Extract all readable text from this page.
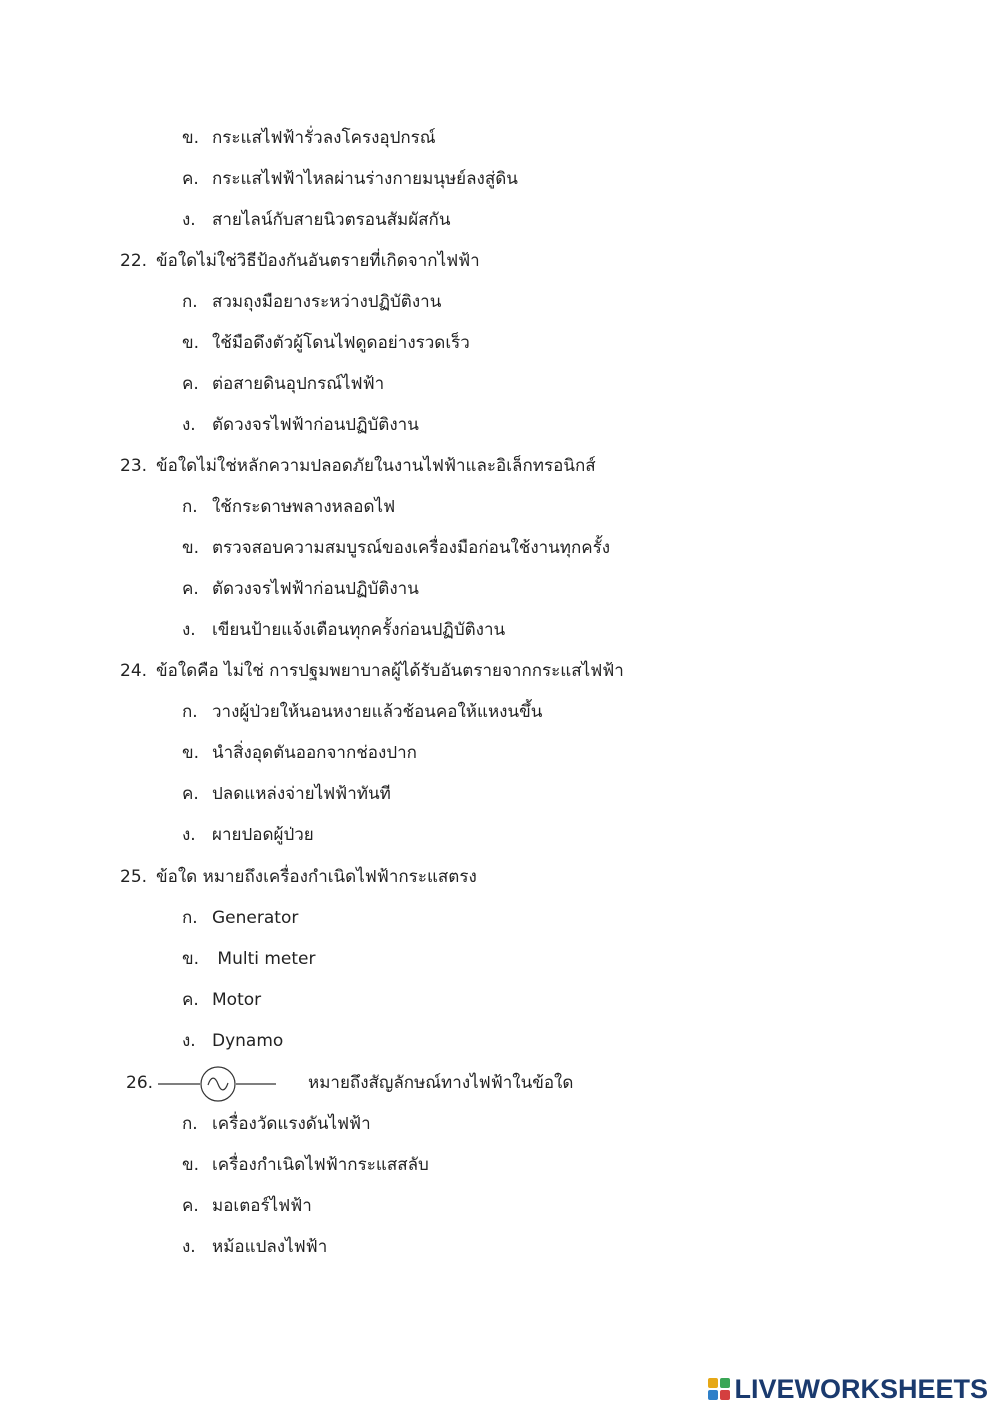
ข. กระแสไฟฟ้ารั่วลงโครงอุปกรณ์
ค. กระแสไฟฟ้าไหลผ่านร่างกายมนุษย์ลงสู่ดิน
ง. สายไลน์กับสายนิวตรอนสัมผัสกัน
22. ข้อใดไม่ใช่วิธีป้องกันอันตรายที่เกิดจากไฟฟ้า
ก. สวมถุงมือยางระหว่างปฏิบัติงาน
ข. ใช้มือดึงตัวผู้โดนไฟดูดอย่างรวดเร็ว
ค. ต่อสายดินอุปกรณ์ไฟฟ้า
ง. ตัดวงจรไฟฟ้าก่อนปฏิบัติงาน
23. ข้อใดไม่ใช่หลักความปลอดภัยในงานไฟฟ้าและอิเล็กทรอนิกส์
ก. ใช้กระดาษพลางหลอดไฟ
ข. ตรวจสอบความสมบูรณ์ของเครื่องมือก่อนใช้งานทุกครั้ง
ค. ตัดวงจรไฟฟ้าก่อนปฏิบัติงาน
ง. เขียนป้ายแจ้งเตือนทุกครั้งก่อนปฏิบัติงาน
24. ข้อใดคือ ไม่ใช่ การปฐมพยาบาลผู้ได้รับอันตรายจากกระแสไฟฟ้า
ก. วางผู้ป่วยให้นอนหงายแล้วช้อนคอให้แหงนขึ้น
ข. นำสิ่งอุดตันออกจากช่องปาก
ค. ปลดแหล่งจ่ายไฟฟ้าทันที
ง. ผายปอดผู้ป่วย
25. ข้อใด หมายถึงเครื่องกำเนิดไฟฟ้ากระแสตรง
ก. Generator
ข. Multi meter
ค. Motor
ง. Dynamo
ก. เครื่องวัดแรงดันไฟฟ้า
ข. เครื่องกำเนิดไฟฟ้ากระแสสลับ
ค. มอเตอร์ไฟฟ้า
ง. หม้อแปลงไฟฟ้า
26.	หมายถึงสัญลักษณ์ทางไฟฟ้าในข้อใด
LIVEWORKSHEETS
